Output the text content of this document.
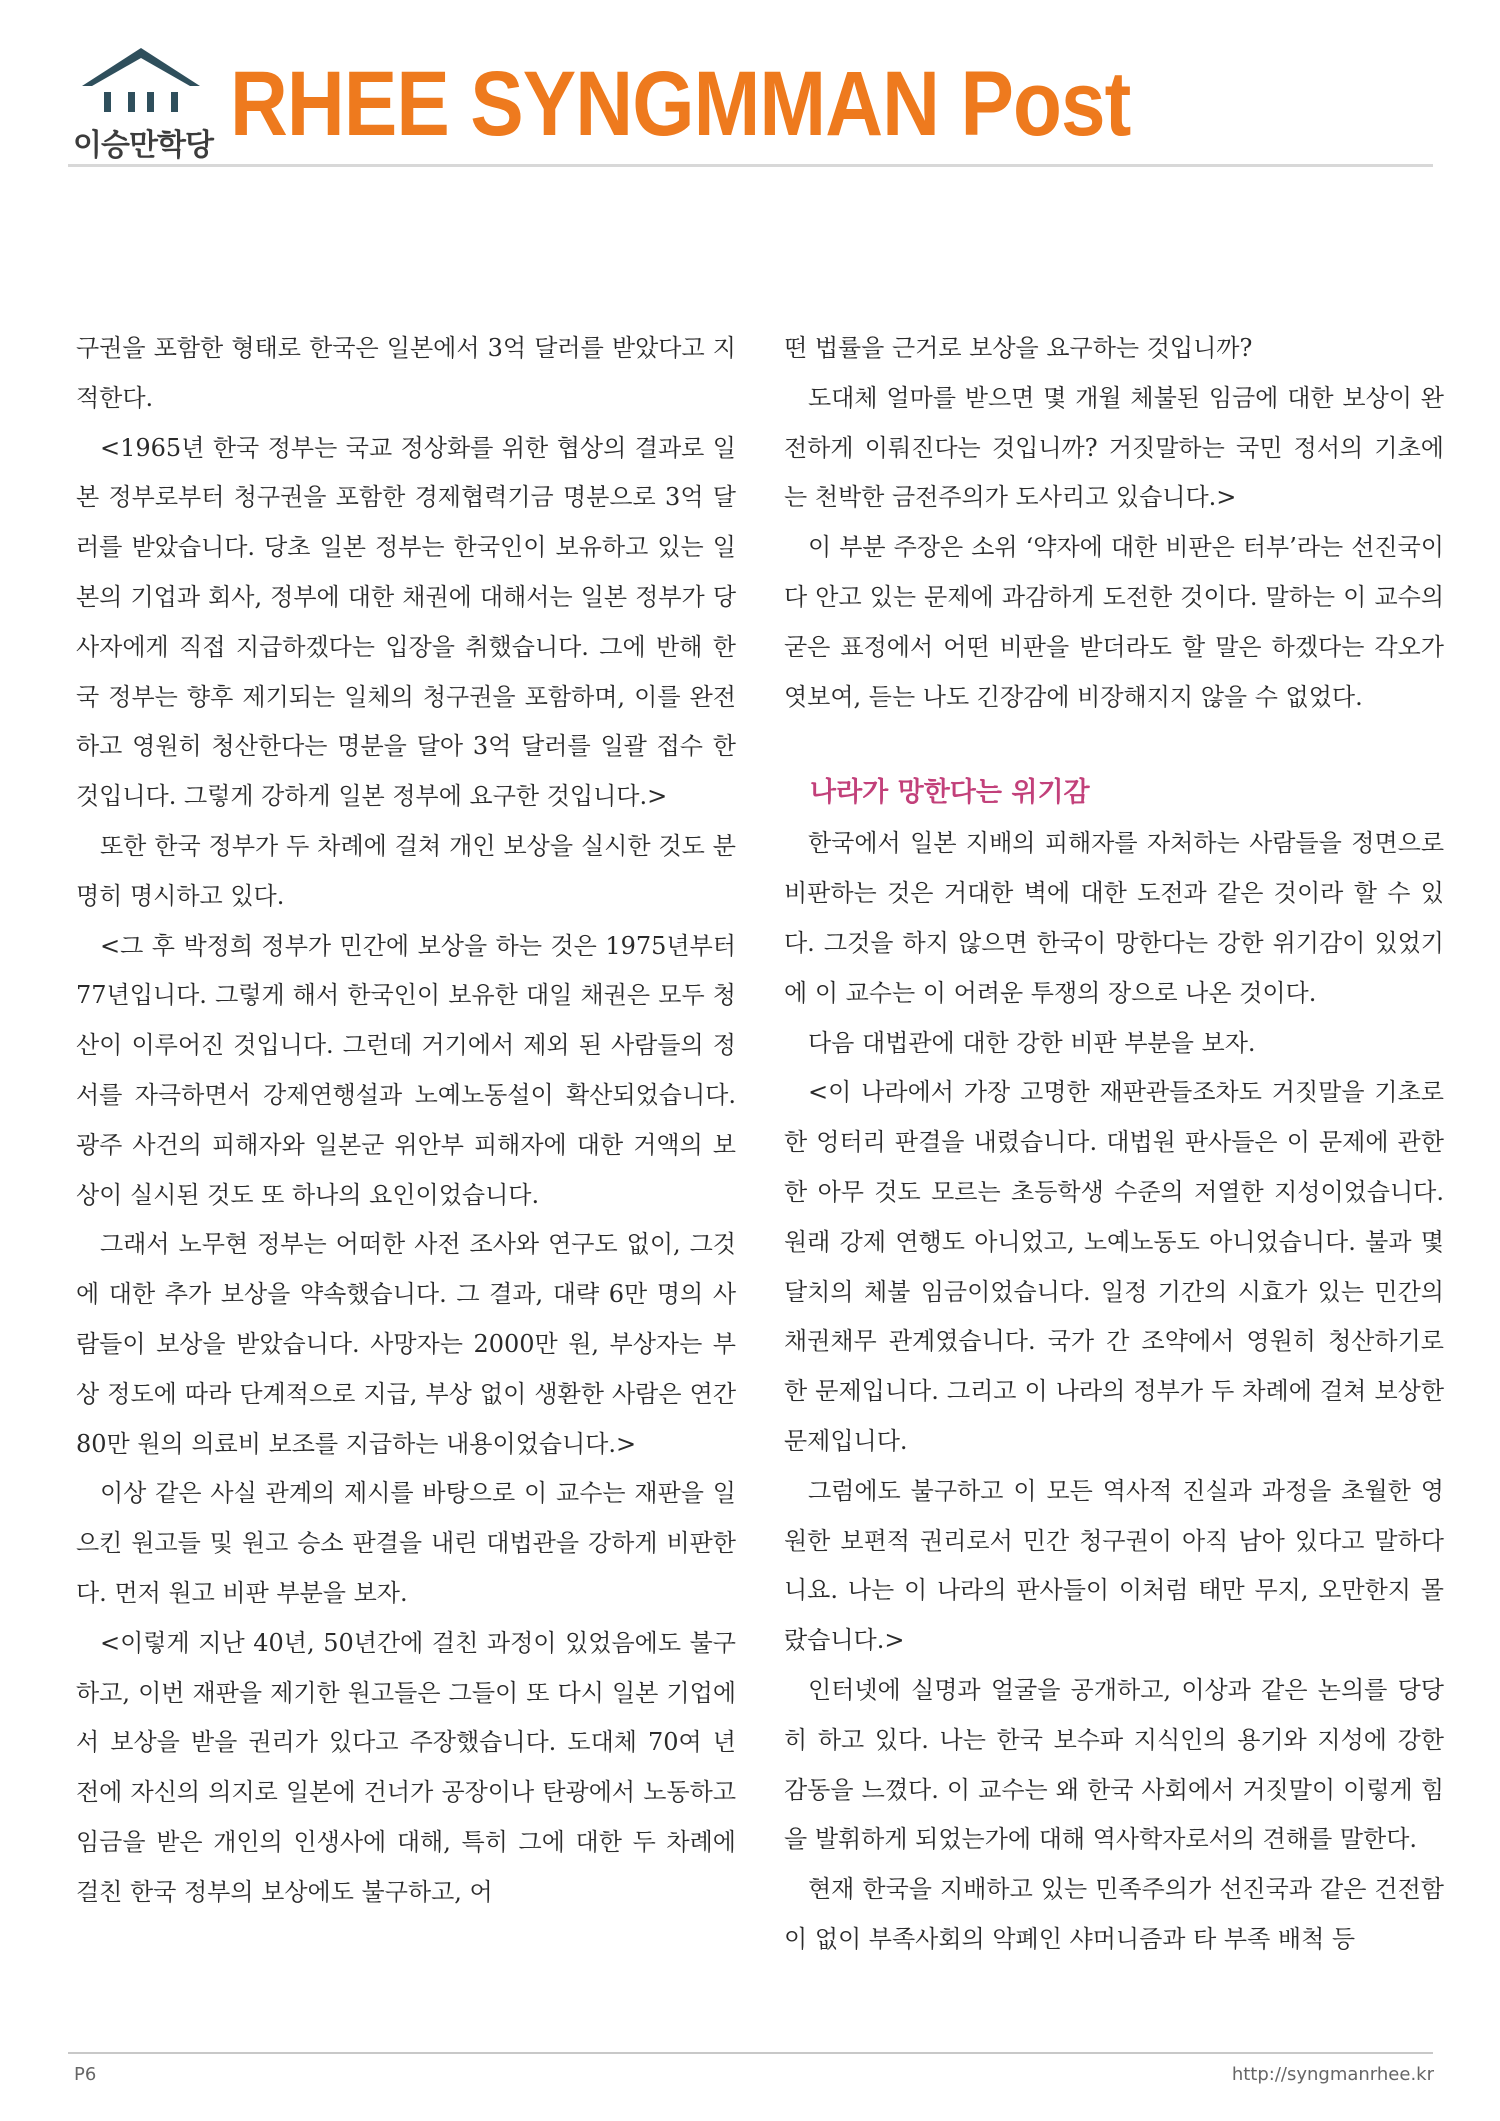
이승만학당 RHEE SYNGMMAN Post

구권을 포함한 형태로 한국은 일본에서 3억 달러를 받았다고 지적한다.

<1965년 한국 정부는 국교 정상화를 위한 협상의 결과로 일본 정부로부터 청구권을 포함한 경제협력기금 명분으로 3억 달러를 받았습니다. 당초 일본 정부는 한국인이 보유하고 있는 일본의 기업과 회사, 정부에 대한 채권에 대해서는 일본 정부가 당사자에게 직접 지급하겠다는 입장을 취했습니다. 그에 반해 한국 정부는 향후 제기되는 일체의 청구권을 포함하며, 이를 완전하고 영원히 청산한다는 명분을 달아 3억 달러를 일괄 접수 한 것입니다. 그렇게 강하게 일본 정부에 요구한 것입니다.>

또한 한국 정부가 두 차례에 걸쳐 개인 보상을 실시한 것도 분명히 명시하고 있다.

<그 후 박정희 정부가 민간에 보상을 하는 것은 1975년부터 77년입니다. 그렇게 해서 한국인이 보유한 대일 채권은 모두 청산이 이루어진 것입니다. 그런데 거기에서 제외 된 사람들의 정서를 자극하면서 강제연행설과 노예노동설이 확산되었습니다. 광주 사건의 피해자와 일본군 위안부 피해자에 대한 거액의 보상이 실시된 것도 또 하나의 요인이었습니다.

그래서 노무현 정부는 어떠한 사전 조사와 연구도 없이, 그것에 대한 추가 보상을 약속했습니다. 그 결과, 대략 6만 명의 사람들이 보상을 받았습니다. 사망자는 2000만 원, 부상자는 부상 정도에 따라 단계적으로 지급, 부상 없이 생환한 사람은 연간 80만 원의 의료비 보조를 지급하는 내용이었습니다.>

이상 같은 사실 관계의 제시를 바탕으로 이 교수는 재판을 일으킨 원고들 및 원고 승소 판결을 내린 대법관을 강하게 비판한다. 먼저 원고 비판 부분을 보자.

<이렇게 지난 40년, 50년간에 걸친 과정이 있었음에도 불구하고, 이번 재판을 제기한 원고들은 그들이 또 다시 일본 기업에서 보상을 받을 권리가 있다고 주장했습니다. 도대체 70여 년 전에 자신의 의지로 일본에 건너가 공장이나 탄광에서 노동하고 임금을 받은 개인의 인생사에 대해, 특히 그에 대한 두 차례에 걸친 한국 정부의 보상에도 불구하고, 어

떤 법률을 근거로 보상을 요구하는 것입니까?

도대체 얼마를 받으면 몇 개월 체불된 임금에 대한 보상이 완전하게 이뤄진다는 것입니까? 거짓말하는 국민 정서의 기초에는 천박한 금전주의가 도사리고 있습니다.>

이 부분 주장은 소위 ‘약자에 대한 비판은 터부’라는 선진국이 다 안고 있는 문제에 과감하게 도전한 것이다. 말하는 이 교수의 굳은 표정에서 어떤 비판을 받더라도 할 말은 하겠다는 각오가 엿보여, 듣는 나도 긴장감에 비장해지지 않을 수 없었다.

나라가 망한다는 위기감

한국에서 일본 지배의 피해자를 자처하는 사람들을 정면으로 비판하는 것은 거대한 벽에 대한 도전과 같은 것이라 할 수 있다. 그것을 하지 않으면 한국이 망한다는 강한 위기감이 있었기에 이 교수는 이 어려운 투쟁의 장으로 나온 것이다.

다음 대법관에 대한 강한 비판 부분을 보자.

<이 나라에서 가장 고명한 재판관들조차도 거짓말을 기초로 한 엉터리 판결을 내렸습니다. 대법원 판사들은 이 문제에 관한 한 아무 것도 모르는 초등학생 수준의 저열한 지성이었습니다. 원래 강제 연행도 아니었고, 노예노동도 아니었습니다. 불과 몇 달치의 체불 임금이었습니다. 일정 기간의 시효가 있는 민간의 채권채무 관계였습니다. 국가 간 조약에서 영원히 청산하기로 한 문제입니다. 그리고 이 나라의 정부가 두 차례에 걸쳐 보상한 문제입니다.

그럼에도 불구하고 이 모든 역사적 진실과 과정을 초월한 영원한 보편적 권리로서 민간 청구권이 아직 남아 있다고 말하다니요. 나는 이 나라의 판사들이 이처럼 태만 무지, 오만한지 몰랐습니다.>

인터넷에 실명과 얼굴을 공개하고, 이상과 같은 논의를 당당히 하고 있다. 나는 한국 보수파 지식인의 용기와 지성에 강한 감동을 느꼈다. 이 교수는 왜 한국 사회에서 거짓말이 이렇게 힘을 발휘하게 되었는가에 대해 역사학자로서의 견해를 말한다.

현재 한국을 지배하고 있는 민족주의가 선진국과 같은 건전함이 없이 부족사회의 악폐인 샤머니즘과 타 부족 배척 등

P6	http://syngmanrhee.kr
